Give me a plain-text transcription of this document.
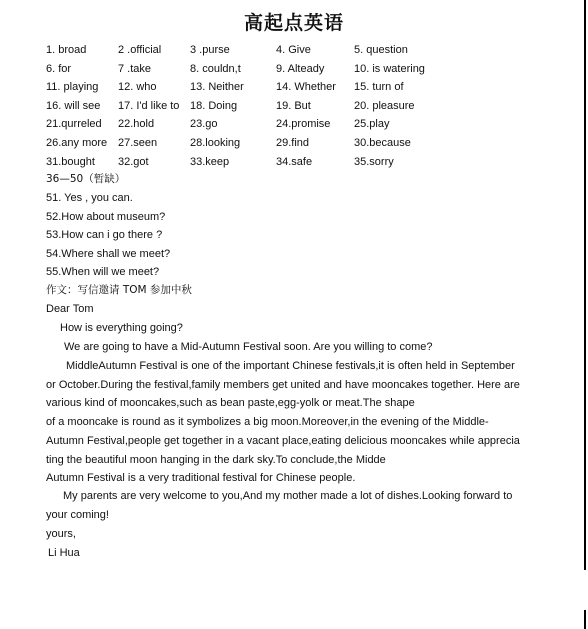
高起点英语
1. broad	2 .official	3 .purse	4. Give	5. question
6. for	7 .take	8. couldn,t	9. Alteady	10. is watering
11. playing 12. who	13. Neither	14. Whether 15. turn of
16. will see 17. I'd like to 18. Doing	19. But	20. pleasure
21.qurreled 22.hold	23.go	24.promise 25.play
26.any more 27.seen	28.looking	29.find	30.because
31.bought 32.got	33.keep	34.safe	35.sorry
36—50（暂缺）
51. Yes , you can.
52.How about museum?
53.How can i go there ?
54.Where shall we meet?
55.When will we meet?
作文：写信邀请 TOM 参加中秋
Dear Tom
How is everything going?
We are going to have a Mid-Autumn Festival soon. Are you willing to come?

MiddleAutumn Festival is one of the important Chinese festivals,it is often held in September

or October.During the festival,family members get united and have mooncakes together. Here are

various kind of mooncakes,such as bean paste,egg-yolk or meat.The shape

of a mooncake is round as it symbolizes a big moon.Moreover,in the evening of the Middle-

Autumn Festival,people get together in a vacant place,eating delicious mooncakes while apprecia

ting the beautiful moon hanging in the dark sky.To conclude,the Midde

Autumn Festival is a very traditional festival for Chinese people.

My parents are very welcome to you,And my mother made a lot of dishes.Looking forward to

your coming!

yours,
Li Hua
